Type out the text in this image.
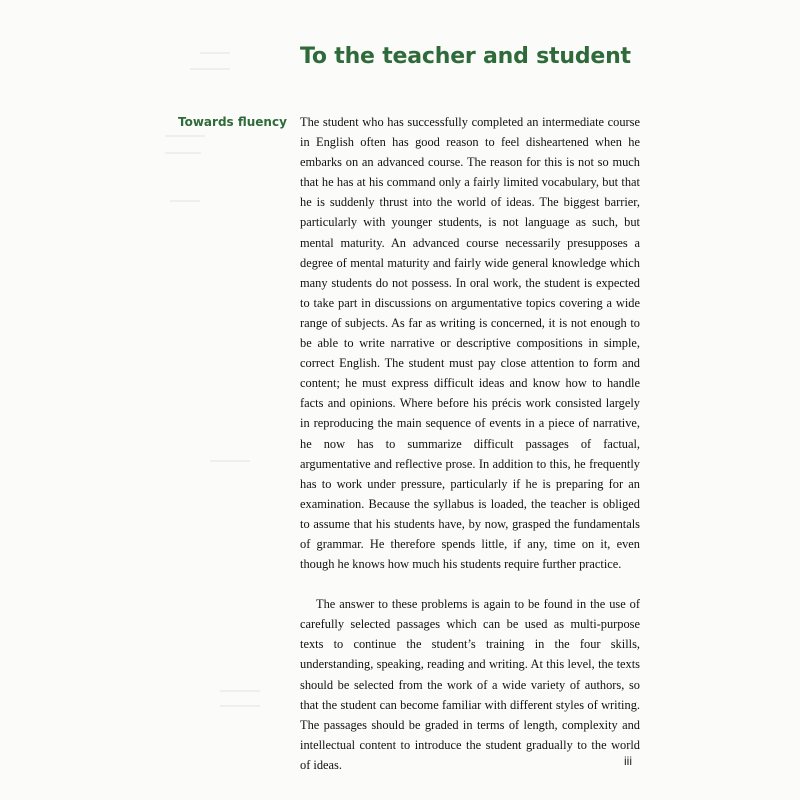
To the teacher and student
Towards fluency The student who has successfully completed an intermediate course in English often has good reason to feel disheartened when he embarks on an advanced course. The reason for this is not so much that he has at his command only a fairly limited vocabulary, but that he is suddenly thrust into the world of ideas. The biggest barrier, particularly with younger students, is not language as such, but mental maturity. An advanced course necessarily presupposes a degree of mental maturity and fairly wide general knowledge which many students do not possess. In oral work, the student is expected to take part in discussions on argumentative topics covering a wide range of subjects. As far as writing is concerned, it is not enough to be able to write narrative or descriptive compositions in simple, correct English. The student must pay close attention to form and content; he must express difficult ideas and know how to handle facts and opinions. Where before his précis work consisted largely in reproducing the main sequence of events in a piece of narrative, he now has to summarize difficult passages of factual, argumentative and reflective prose. In addition to this, he frequently has to work under pressure, particularly if he is preparing for an examination. Because the syllabus is loaded, the teacher is obliged to assume that his students have, by now, grasped the fundamentals of grammar. He therefore spends little, if any, time on it, even though he knows how much his students require further practice.

The answer to these problems is again to be found in the use of carefully selected passages which can be used as multi-purpose texts to continue the student’s training in the four skills, understanding, speaking, reading and writing. At this level, the texts should be selected from the work of a wide variety of authors, so that the student can become familiar with different styles of writing. The passages should be graded in terms of length, complexity and intellectual content to introduce the student gradually to the world of ideas.	iii
